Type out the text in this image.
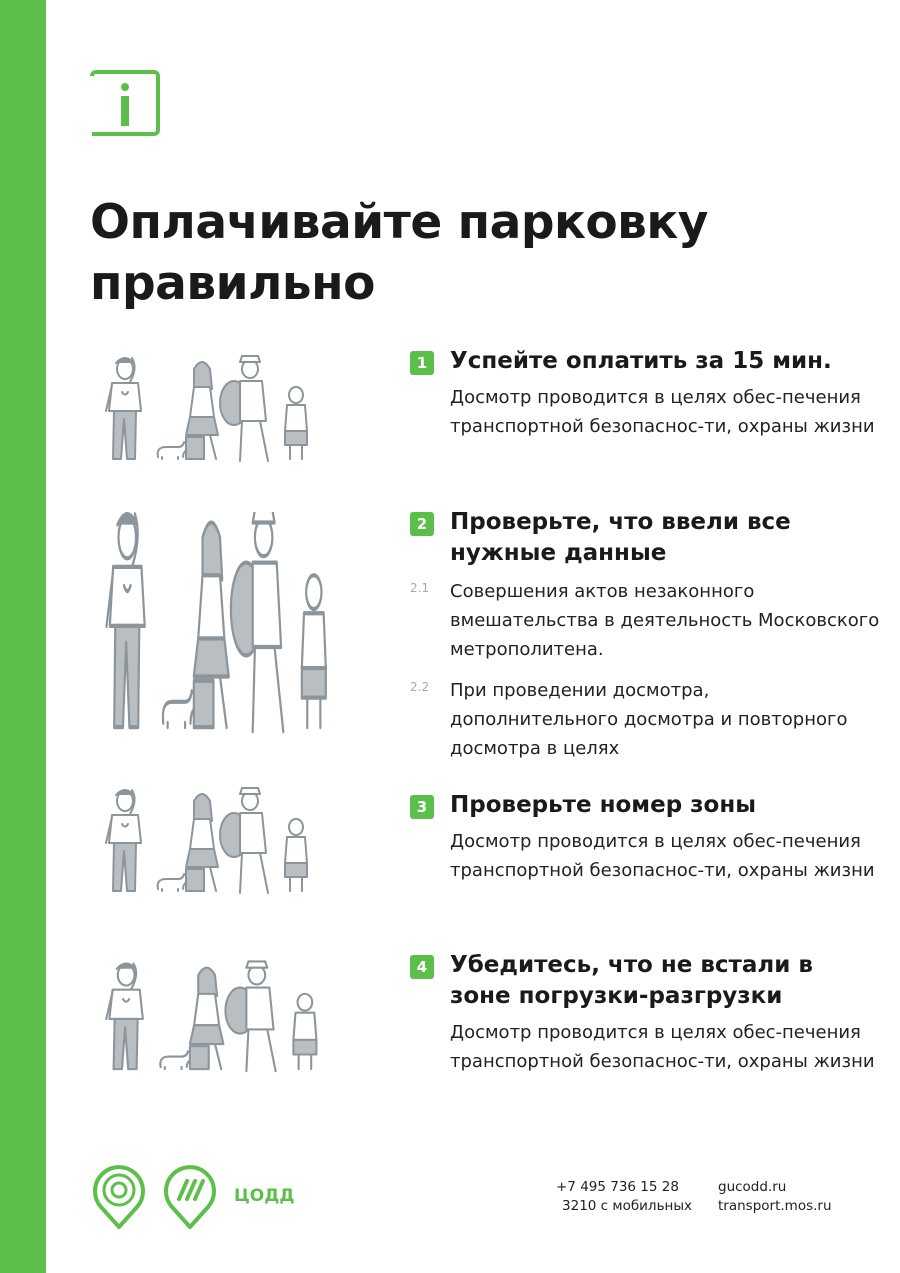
Оплачивайте парковку правильно
1 Успейте оплатить за 15 мин.
Досмотр проводится в целях обес-печения транспортной безопаснос-ти, охраны жизни
2 Проверьте, что ввели все нужные данные
2.1 Совершения актов незаконного вмешательства в деятельность Московского метрополитена.
2.2 При проведении досмотра, дополнительного досмотра и повторного досмотра в целях
3 Проверьте номер зоны
Досмотр проводится в целях обес-печения транспортной безопаснос-ти, охраны жизни
4 Убедитесь, что не встали в зоне погрузки-разгрузки
Досмотр проводится в целях обес-печения транспортной безопаснос-ти, охраны жизни
ЦОДД	+7 495 736 15 28
3210 с мобильных
gucodd.ru
transport.mos.ru
